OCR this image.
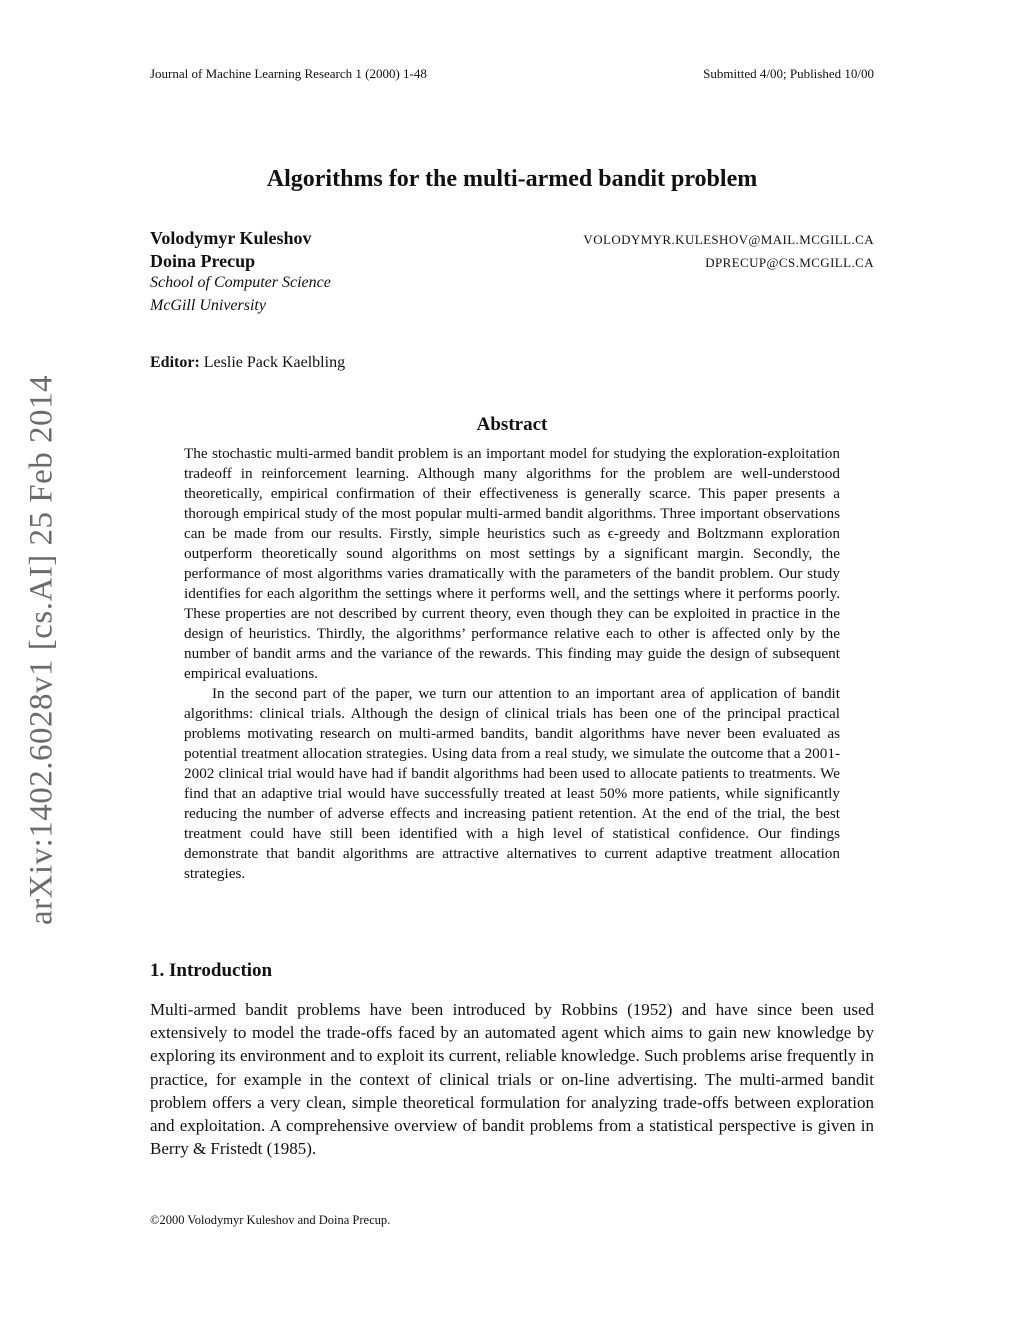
Journal of Machine Learning Research 1 (2000) 1-48	Submitted 4/00; Published 10/00
Algorithms for the multi-armed bandit problem
Volodymyr Kuleshov	VOLODYMYR.KULESHOV@MAIL.MCGILL.CA
Doina Precup	DPRECUP@CS.MCGILL.CA
School of Computer Science
McGill University
Editor: Leslie Pack Kaelbling
Abstract

The stochastic multi-armed bandit problem is an important model for studying the exploration-exploitation tradeoff in reinforcement learning. Although many algorithms for the problem are well-understood theoretically, empirical confirmation of their effectiveness is generally scarce. This paper presents a thorough empirical study of the most popular multi-armed bandit algorithms. Three important observations can be made from our results. Firstly, simple heuristics such as ϵ-greedy and Boltzmann exploration outperform theoretically sound algorithms on most settings by a significant margin. Secondly, the performance of most algorithms varies dramatically with the parameters of the bandit problem. Our study identifies for each algorithm the settings where it performs well, and the settings where it performs poorly. These properties are not described by current theory, even though they can be exploited in practice in the design of heuristics. Thirdly, the algorithms’ performance relative each to other is affected only by the number of bandit arms and the variance of the rewards. This finding may guide the design of subsequent empirical evaluations.

In the second part of the paper, we turn our attention to an important area of application of bandit algorithms: clinical trials. Although the design of clinical trials has been one of the principal practical problems motivating research on multi-armed bandits, bandit algorithms have never been evaluated as potential treatment allocation strategies. Using data from a real study, we simulate the outcome that a 2001-2002 clinical trial would have had if bandit algorithms had been used to allocate patients to treatments. We find that an adaptive trial would have successfully treated at least 50% more patients, while significantly reducing the number of adverse effects and increasing patient retention. At the end of the trial, the best treatment could have still been identified with a high level of statistical confidence. Our findings demonstrate that bandit algorithms are attractive alternatives to current adaptive treatment allocation strategies.

1. Introduction

Multi-armed bandit problems have been introduced by Robbins (1952) and have since been used extensively to model the trade-offs faced by an automated agent which aims to gain new knowledge by exploring its environment and to exploit its current, reliable knowledge. Such problems arise frequently in practice, for example in the context of clinical trials or on-line advertising. The multi-armed bandit problem offers a very clean, simple theoretical formulation for analyzing trade-offs between exploration and exploitation. A comprehensive overview of bandit problems from a statistical perspective is given in Berry & Fristedt (1985).

©2000 Volodymyr Kuleshov and Doina Precup.
arXiv:1402.6028v1 [cs.AI] 25 Feb 2014
